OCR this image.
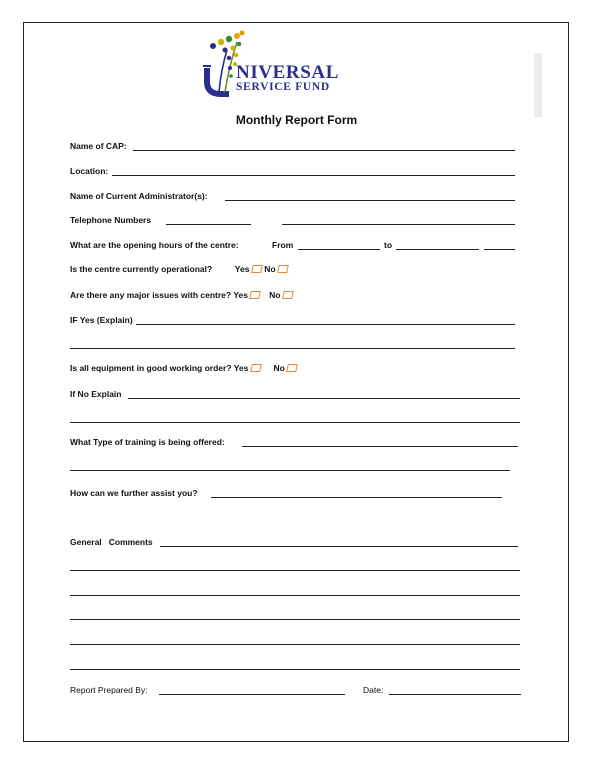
NIVERSAL
SERVICE FUND
Monthly Report Form
Name of CAP:
Location:
Name of Current Administrator(s):
Telephone Numbers
What are the opening hours of the centre:	From	to
Is the centre currently operational?	Yes No
Are there any major issues with centre? Yes No
IF Yes (Explain)
Is all equipment in good working order? Yes	No
If No Explain
What Type of training is being offered:
How can we further assist you?
General   Comments
Report Prepared By:	Date:
